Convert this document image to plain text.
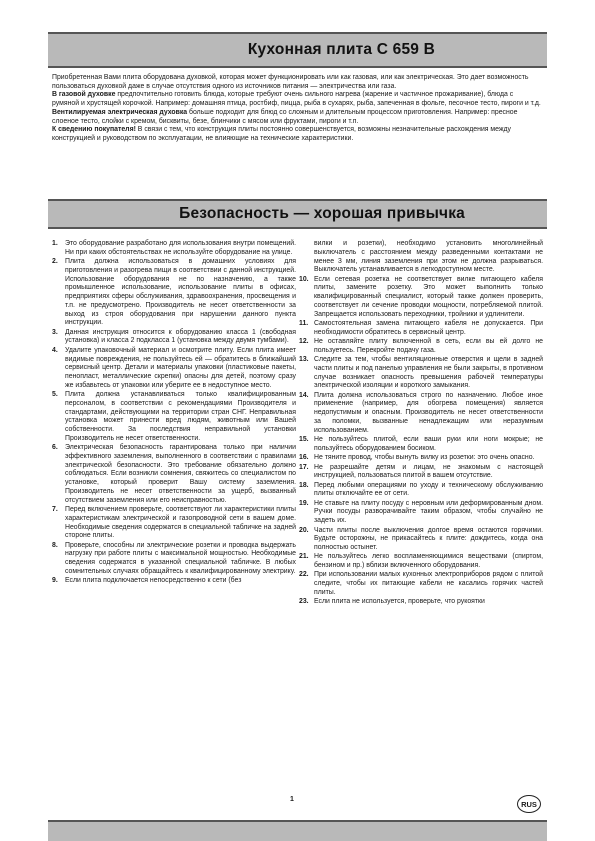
Кухонная плита С 659 B

Приобретенная Вами плита оборудована духовкой, которая может функционировать или как газовая, или как электрическая. Это дает возможность пользоваться духовкой даже в случае отсутствия одного из источников питания — электричества или газа.

В газовой духовке предпочтительно готовить блюда, которые требуют очень сильного нагрева (жарение и частичное прожаривание), блюда с румяной и хрустящей корочкой. Например: домашняя птица, ростбиф, пицца, рыба в сухарях, рыба, запеченная в фольге, песочное тесто, пироги и т.д.

Вентилируемая электрическая духовка больше подходит для блюд со сложным и длительным процессом приготовления. Например: пресное слоеное тесто, слойки с кремом, бисквиты, безе, блинчики с мясом или фруктами, пироги и т.п.

К сведению покупателя! В связи с тем, что конструкция плиты постоянно совершенствуется, возможны незначительные расхождения между конструкцией и руководством по эксплуатации, не влияющие на технические характеристики.

Безопасность — хорошая привычка
1.	Это оборудование разработано для использования внутри помещений. Ни при каких обстоятельствах не используйте оборудование на улице.
2.	Плита должна использоваться в домашних условиях для приготовления и разогрева пищи в соответствии с данной инструкцией. Использование оборудования не по назначению, а также промышленное использование, использование плиты в офисах, предприятиях сферы обслуживания, здравоохранения, просвещения и т.п. не предусмотрено. Производитель не несет ответственности за выход из строя оборудования при нарушении данного пункта инструкции.
3.	Данная инструкция относится к оборудованию класса 1 (свободная установка) и класса 2 подкласса 1 (установка между двумя тумбами).
4.	Удалите упаковочный материал и осмотрите плиту. Если плита имеет видимые повреждения, не пользуйтесь ей — обратитесь в ближайший сервисный центр. Детали и материалы упаковки (пластиковые пакеты, пенопласт, металлические скрепки) опасны для детей, поэтому сразу же избавьтесь от упаковки или уберите ее в недоступное место.
5.	Плита должна устанавливаться только квалифицированным персоналом, в соответствии с рекомендациями Производителя и стандартами, действующими на территории стран СНГ. Неправильная установка может принести вред людям, животным или Вашей собственности. За последствия неправильной установки Производитель не несет ответственности.
6.	Электрическая безопасность гарантирована только при наличии эффективного заземления, выполненного в соответствии с правилами электрической безопасности. Это требование обязательно должно соблюдаться. Если возникли сомнения, свяжитесь со специалистом по установке, который проверит Вашу систему заземления. Производитель не несет ответственности за ущерб, вызванный отсутствием заземления или его неисправностью.
7.	Перед включением проверьте, соответствуют ли характеристики плиты характеристикам электрической и газопроводной сети в вашем доме. Необходимые сведения содержатся в специальной табличке на задней стороне плиты.
8.	Проверьте, способны ли электрические розетки и проводка выдержать нагрузку при работе плиты с максимальной мощностью. Необходимые сведения содержатся в указанной специальной табличке. В любых сомнительных случаях обращайтесь к квалифицированному электрику.
9.	Если плита подключается непосредственно к сети (без
вилки и розетки), необходимо установить многолинейный выключатель с расстоянием между разведенными контактами не менее 3 мм, линия заземления при этом не должна разрываться. Выключатель устанавливается в легкодоступном месте.
10. Если сетевая розетка не соответствует вилке питающего кабеля плиты, замените розетку. Это может выполнить только квалифицированный специалист, который также должен проверить, соответствует ли сечение проводки мощности, потребляемой плитой. Запрещается использовать переходники, тройники и удлинители.
11. Самостоятельная замена питающего кабеля не допускается. При необходимости обратитесь в сервисный центр.
12. Не оставляйте плиту включенной в сеть, если вы ей долго не пользуетесь. Перекройте подачу газа.
13. Следите за тем, чтобы вентиляционные отверстия и щели в задней части плиты и под панелью управления не были закрыты, в противном случае возникает опасность превышения рабочей температуры электрической изоляции и короткого замыкания.
14. Плита должна использоваться строго по назначению. Любое иное применение (например, для обогрева помещения) является недопустимым и опасным. Производитель не несет ответственности за поломки, вызванные ненадлежащим или неразумным использованием.
15. Не пользуйтесь плитой, если ваши руки или ноги мокрые; не пользуйтесь оборудованием босиком.
16. Не тяните провод, чтобы вынуть вилку из розетки: это очень опасно.
17. Не разрешайте детям и лицам, не знакомым с настоящей инструкцией, пользоваться плитой в вашем отсутствие.
18. Перед любыми операциями по уходу и техническому обслуживанию плиты отключайте ее от сети.
19. Не ставьте на плиту посуду с неровным или деформированным дном. Ручки посуды разворачивайте таким образом, чтобы случайно не задеть их.
20. Части плиты после выключения долгое время остаются горячими. Будьте осторожны, не прикасайтесь к плите: дождитесь, когда она полностью остынет.
21. Не пользуйтесь легко воспламеняющимися веществами (спиртом, бензином и пр.) вблизи включенного оборудования.
22. При использовании малых кухонных электроприборов рядом с плитой следите, чтобы их питающие кабели не касались горячих частей плиты.
23. Если плита не используется, проверьте, что рукоятки
1	RUS
